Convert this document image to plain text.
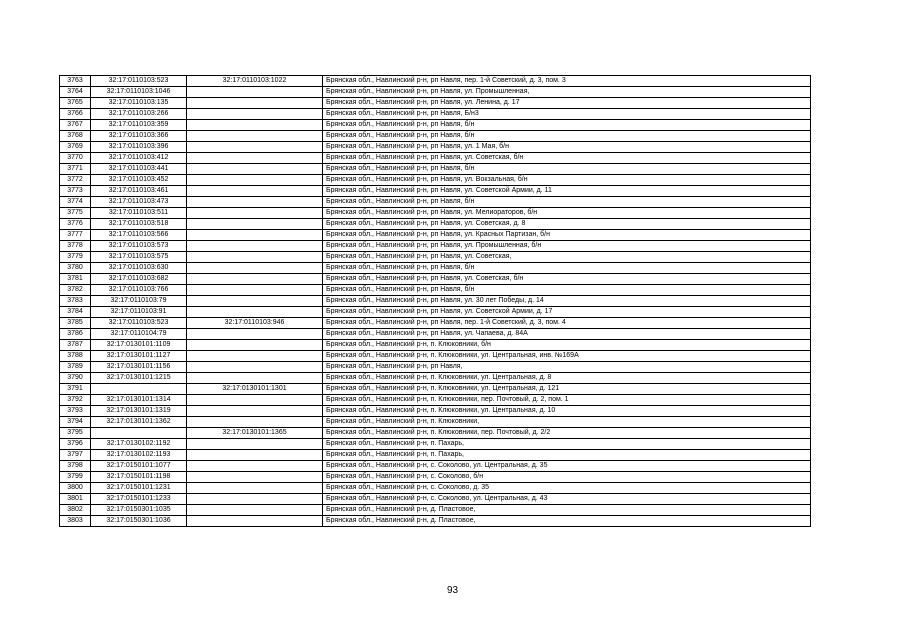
3763	32:17:0110103:523	32:17:0110103:1022	Брянская обл., Навлинский р-н, рп Навля, пер. 1-й Советский, д. 3, пом. 3
3764	32:17:0110103:1046		Брянская обл., Навлинский р-н, рп Навля, ул. Промышленная,
3765	32:17:0110103:135		Брянская обл., Навлинский р-н, рп Навля, ул. Ленина, д. 17
3766	32:17:0110103:266		Брянская обл., Навлинский р-н, рп Навля, Б/н3
3767	32:17:0110103:359		Брянская обл., Навлинский р-н, рп Навля, б/н
3768	32:17:0110103:366		Брянская обл., Навлинский р-н, рп Навля, б/н
3769	32:17:0110103:396		Брянская обл., Навлинский р-н, рп Навля, ул. 1 Мая, б/н
3770	32:17:0110103:412		Брянская обл., Навлинский р-н, рп Навля, ул. Советская, б/н
3771	32:17:0110103:441		Брянская обл., Навлинский р-н, рп Навля, б/н
3772	32:17:0110103:452		Брянская обл., Навлинский р-н, рп Навля, ул. Вокзальная, б/н
3773	32:17:0110103:461		Брянская обл., Навлинский р-н, рп Навля, ул. Советской Армии, д. 11
3774	32:17:0110103:473		Брянская обл., Навлинский р-н, рп Навля, б/н
3775	32:17:0110103:511		Брянская обл., Навлинский р-н, рп Навля, ул. Мелиораторов, б/н
3776	32:17:0110103:518		Брянская обл., Навлинский р-н, рп Навля, ул. Советская, д. 8
3777	32:17:0110103:566		Брянская обл., Навлинский р-н, рп Навля, ул. Красных Партизан, б/н
3778	32:17:0110103:573		Брянская обл., Навлинский р-н, рп Навля, ул. Промышленная, б/н
3779	32:17:0110103:575		Брянская обл., Навлинский р-н, рп Навля, ул. Советская,
3780	32:17:0110103:630		Брянская обл., Навлинский р-н, рп Навля, б/н
3781	32:17:0110103:682		Брянская обл., Навлинский р-н, рп Навля, ул. Советская, б/н
3782	32:17:0110103:766		Брянская обл., Навлинский р-н, рп Навля, б/н
3783	32:17:0110103:79		Брянская обл., Навлинский р-н, рп Навля, ул. 30 лет Победы, д. 14
3784	32:17:0110103:91		Брянская обл., Навлинский р-н, рп Навля, ул. Советской Армии, д. 17
3785	32:17:0110103:523	32:17:0110103:946	Брянская обл., Навлинский р-н, рп Навля, пер. 1-й Советский, д. 3, пом. 4
3786	32:17:0110104:79		Брянская обл., Навлинский р-н, рп Навля, ул. Чапаева, д. 84А
3787	32:17:0130101:1109		Брянская обл., Навлинский р-н, п. Клюковники, б/н
3788	32:17:0130101:1127		Брянская обл., Навлинский р-н, п. Клюковники, ул. Центральная, инв. №169А
3789	32:17:0130101:1156		Брянская обл., Навлинский р-н, рп Навля,
3790	32:17:0130101:1215		Брянская обл., Навлинский р-н, п. Клюковники, ул. Центральная, д. 8
3791		32:17:0130101:1301	Брянская обл., Навлинский р-н, п. Клюковники, ул. Центральная, д. 121
3792	32:17:0130101:1314		Брянская обл., Навлинский р-н, п. Клюковники, пер. Почтовый, д. 2, пом. 1
3793	32:17:0130101:1319		Брянская обл., Навлинский р-н, п. Клюковники, ул. Центральная, д. 10
3794	32:17:0130101:1362		Брянская обл., Навлинский р-н, п. Клюковники,
3795		32:17:0130101:1365	Брянская обл., Навлинский р-н, п. Клюковники, пер. Почтовый, д. 2/2
3796	32:17:0130102:1192		Брянская обл., Навлинский р-н, п. Пахарь,
3797	32:17:0130102:1193		Брянская обл., Навлинский р-н, п. Пахарь,
3798	32:17:0150101:1077		Брянская обл., Навлинский р-н, с. Соколово, ул. Центральная, д. 35
3799	32:17:0150101:1198		Брянская обл., Навлинский р-н, с. Соколово, б/н
3800	32:17:0150101:1231		Брянская обл., Навлинский р-н, с. Соколово, д. 35
3801	32:17:0150101:1233		Брянская обл., Навлинский р-н, с. Соколово, ул. Центральная, д. 43
3802	32:17:0150301:1035		Брянская обл., Навлинский р-н, д. Пластовое,
3803	32:17:0150301:1036		Брянская обл., Навлинский р-н, д. Пластовое,
93
